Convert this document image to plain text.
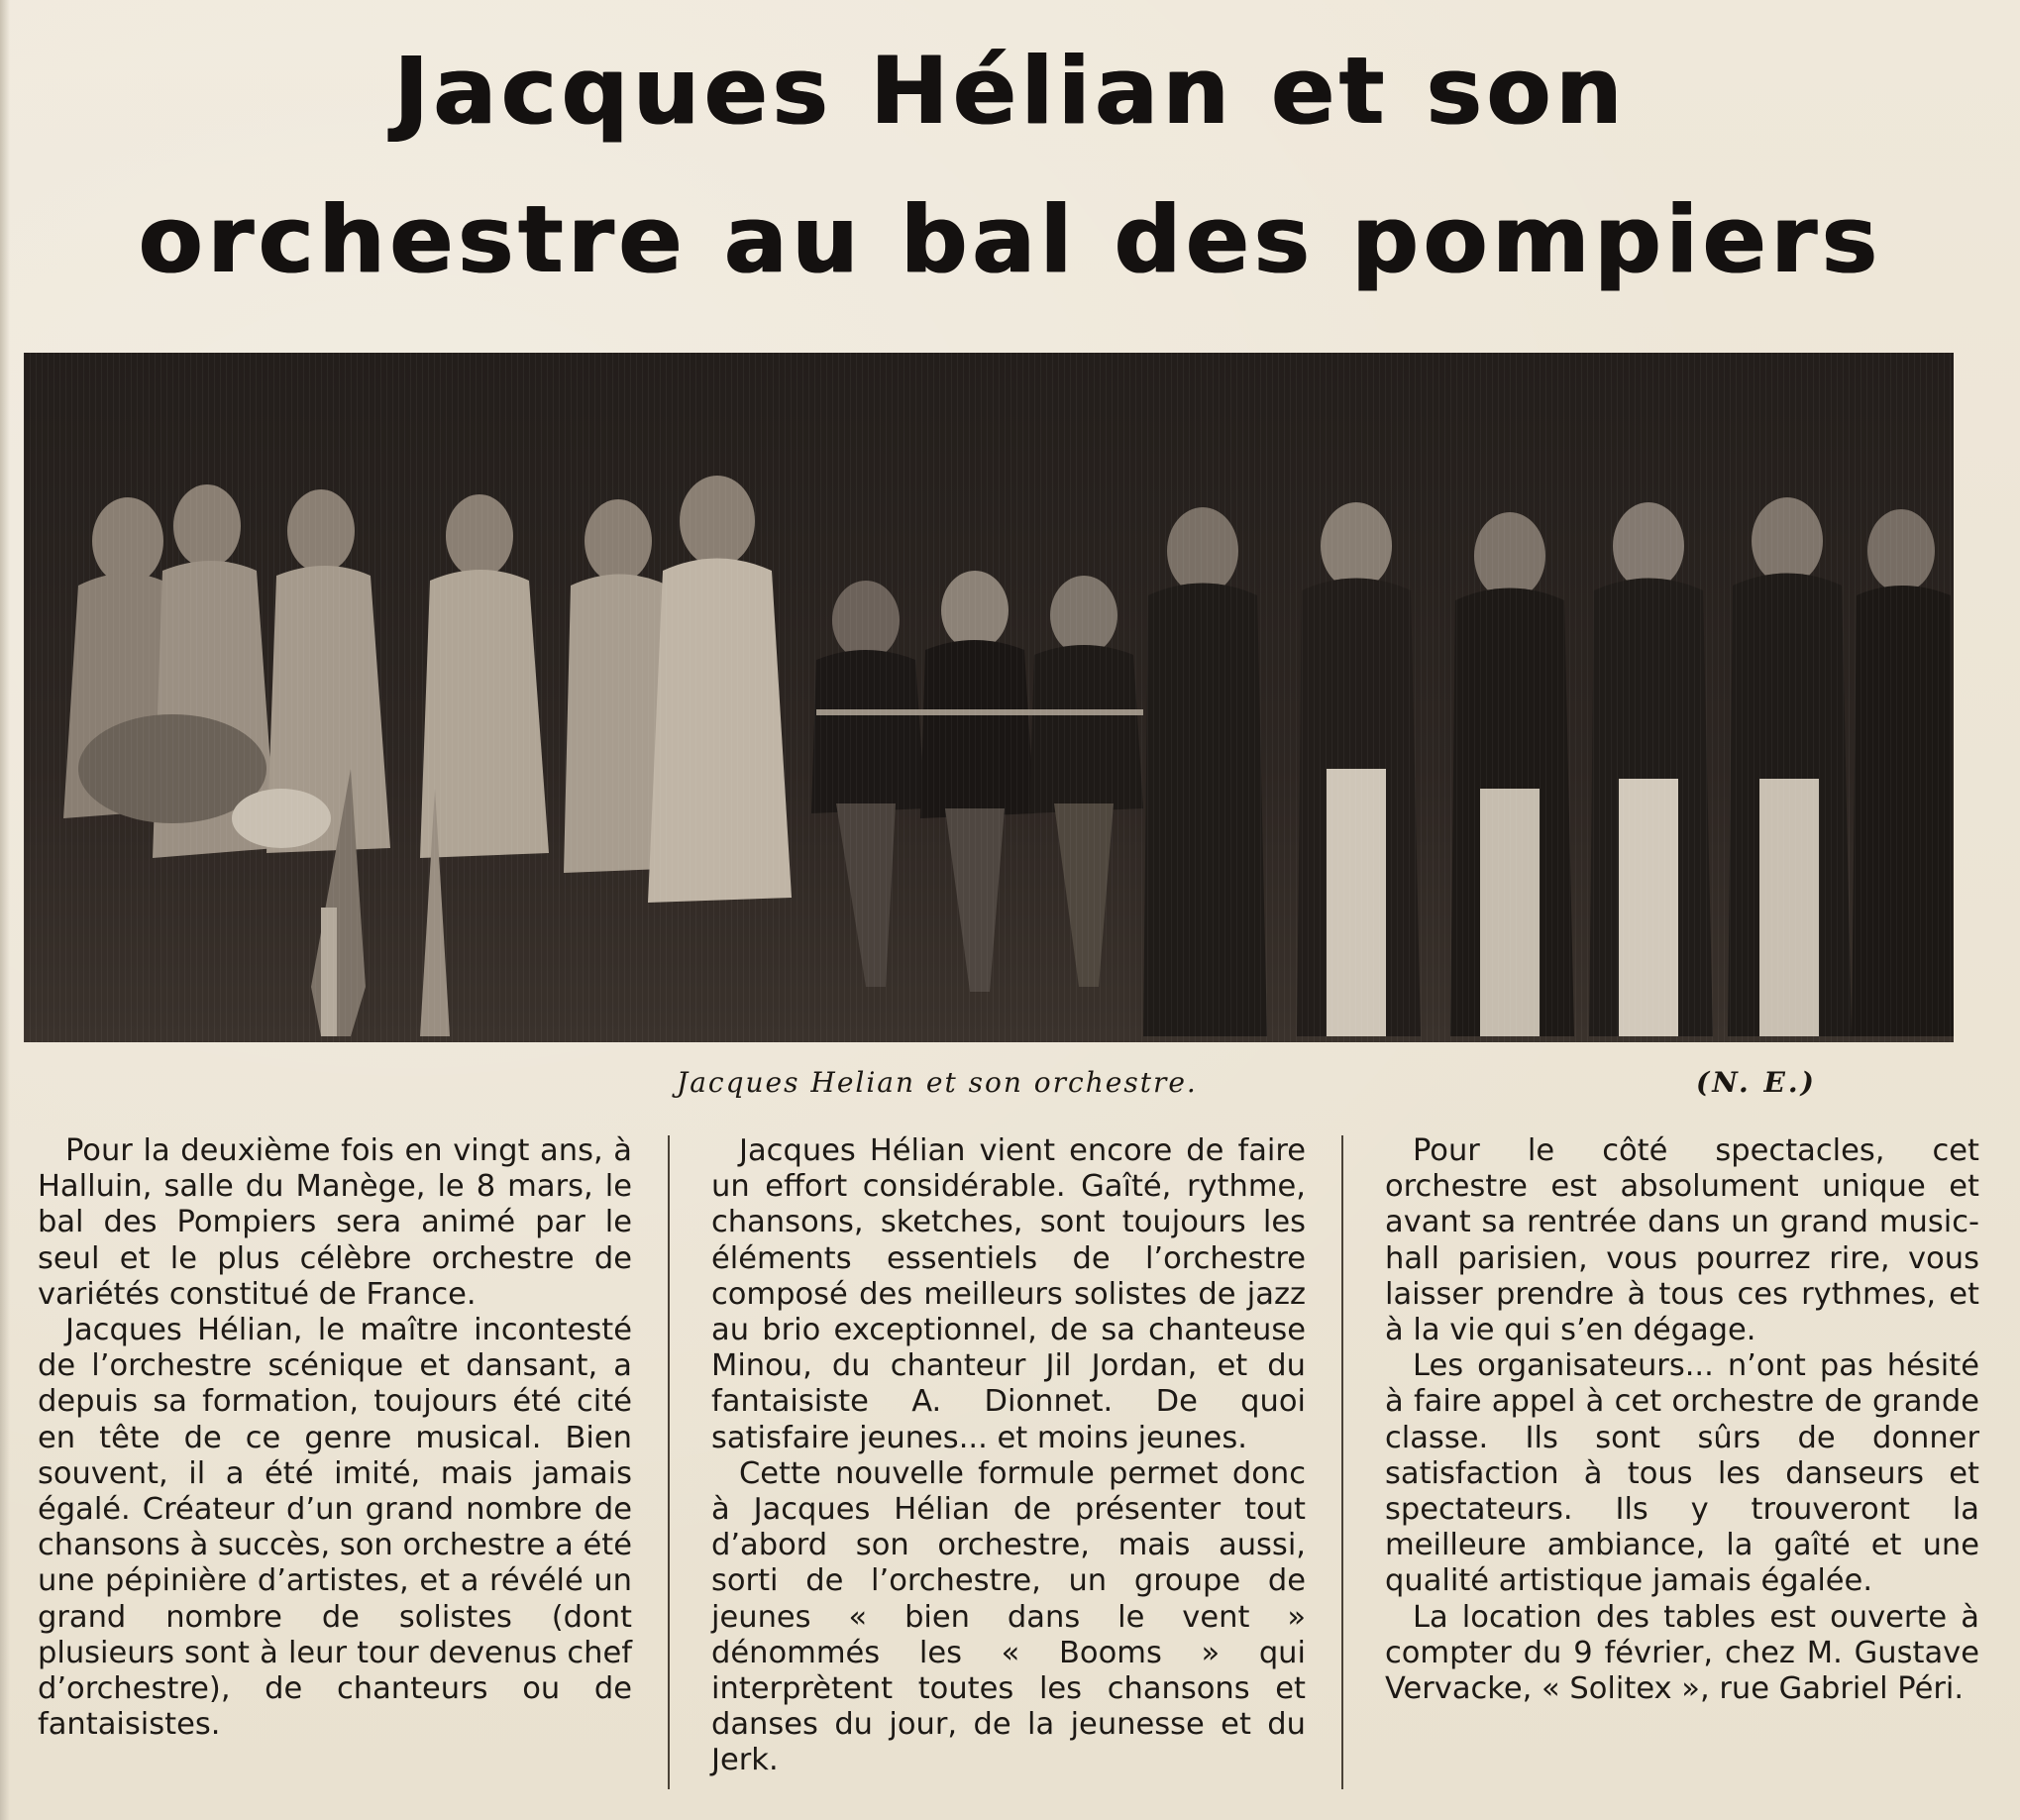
Jacques Hélian et son
orchestre au bal des pompiers
Jacques Helian et son orchestre.	(N. E.)

Pour la deuxième fois en vingt ans, à Halluin, salle du Manège, le 8 mars, le bal des Pompiers sera animé par le seul et le plus célèbre orchestre de variétés constitué de France.

Jacques Hélian, le maître incontesté de l’orchestre scénique et dansant, a depuis sa formation, toujours été cité en tête de ce genre musical. Bien souvent, il a été imité, mais jamais égalé. Créateur d’un grand nombre de chansons à succès, son orchestre a été une pépinière d’artistes, et a révélé un grand nombre de solistes (dont plusieurs sont à leur tour devenus chef d’orchestre), de chanteurs ou de fantaisistes.

Jacques Hélian vient encore de faire un effort considérable. Gaîté, rythme, chansons, sketches, sont toujours les éléments essentiels de l’orchestre composé des meilleurs solistes de jazz au brio exceptionnel, de sa chanteuse Minou, du chanteur Jil Jordan, et du fantaisiste A. Dionnet. De quoi satisfaire jeunes... et moins jeunes.

Cette nouvelle formule permet donc à Jacques Hélian de présenter tout d’abord son orchestre, mais aussi, sorti de l’orchestre, un groupe de jeunes « bien dans le vent » dénommés les « Booms » qui interprètent toutes les chansons et danses du jour, de la jeunesse et du Jerk.

Pour le côté spectacles, cet orchestre est absolument unique et avant sa rentrée dans un grand music-hall parisien, vous pourrez rire, vous laisser prendre à tous ces rythmes, et à la vie qui s’en dégage.

Les organisateurs... n’ont pas hésité à faire appel à cet orchestre de grande classe. Ils sont sûrs de donner satisfaction à tous les danseurs et spectateurs. Ils y trouveront la meilleure ambiance, la gaîté et une qualité artistique jamais égalée.

La location des tables est ouverte à compter du 9 février, chez M. Gustave Vervacke, « Solitex », rue Gabriel Péri.
